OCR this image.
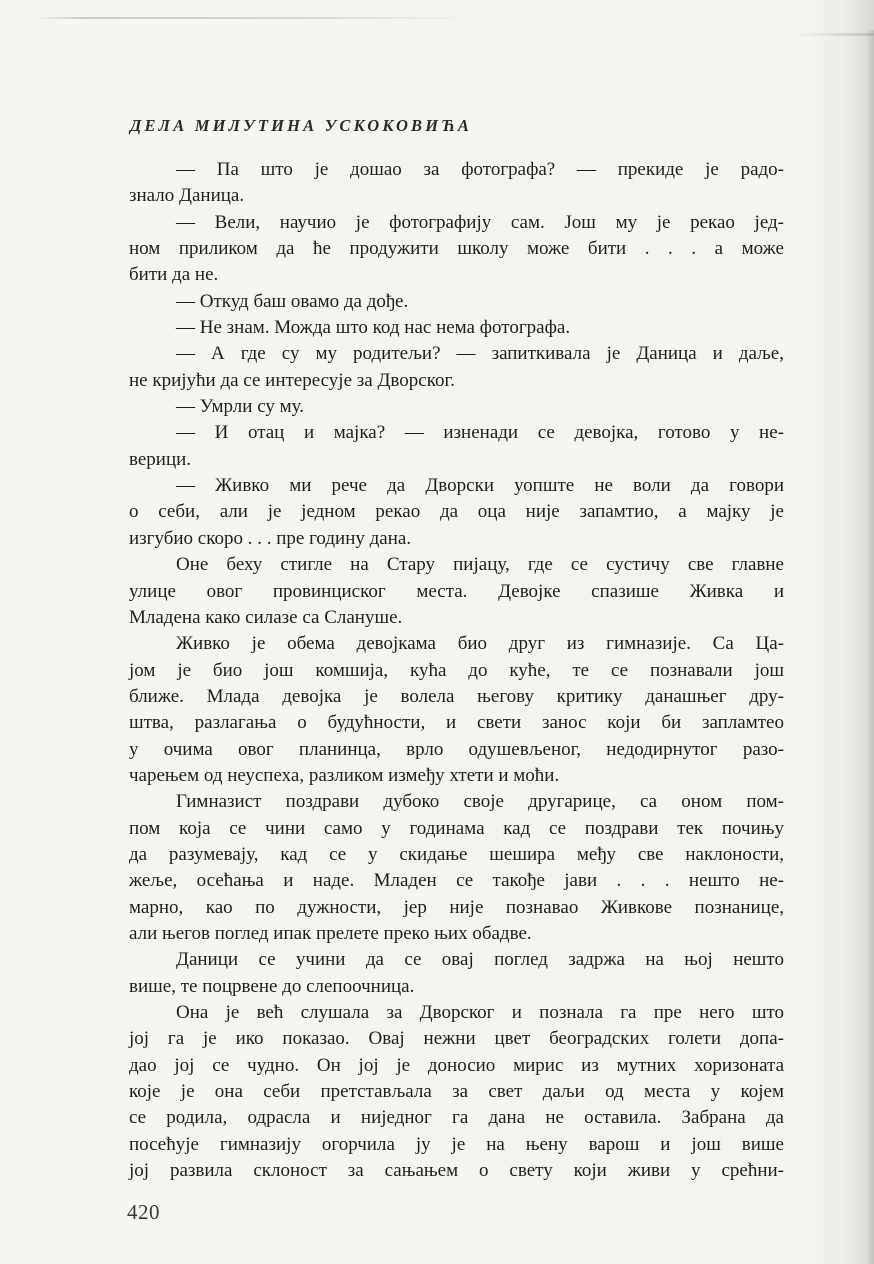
ДЕЛА МИЛУТИНА УСКОКОВИЋА
— Па што је дошао за фотографа? — прекиде је радо-
знало Даница.
— Вели, научио је фотографију сам. Још му је рекао јед-
ном приликом да ће продужити школу може бити . . . а може
бити да не.
— Откуд баш овамо да дође.
— Не знам. Можда што код нас нема фотографа.
— А где су му родитељи? — запиткивала је Даница и даље,
не кријући да се интересује за Дворског.
— Умрли су му.
— И отац и мајка? — изненади се девојка, готово у не-
верици.
— Живко ми рече да Дворски уопште не воли да говори
о себи, али је једном рекао да оца није запамтио, а мајку је
изгубио скоро . . . пре годину дана.
Оне беху стигле на Стару пијацу, где се сустичу све главне
улице овог провинциског места. Девојке спазише Живка и
Младена како силазе са Слануше.
Живко је обема девојкама био друг из гимназије. Са Ца-
јом је био још комшија, кућа до куће, те се познавали још
ближе. Млада девојка је волела његову критику данашњег дру-
штва, разлагања о будућности, и свети занос који би запламтео
у очима овог планинца, врло одушевљеног, недодирнутог разо-
чарењем од неуспеха, разликом између хтети и моћи.
Гимназист поздрави дубоко своје другарице, са оном пом-
пом која се чини само у годинама кад се поздрави тек почињу
да разумевају, кад се у скидање шешира међу све наклоности,
жеље, осећања и наде. Младен се такође јави . . . нешто не-
марно, као по дужности, јер није познавао Живкове познанице,
али његов поглед ипак прелете преко њих обадве.
Даници се учини да се овај поглед задржа на њој нешто
више, те поцрвене до слепоочница.
Она је већ слушала за Дворског и познала га пре него што
јој га је ико показао. Овај нежни цвет београдских голети допа-
дао јој се чудно. Он јој је доносио мирис из мутних хоризоната
које је она себи претстављала за свет даљи од места у којем
се родила, одрасла и ниједног га дана не оставила. Забрана да
посећује гимназију огорчила ју је на њену варош и још више
јој развила склоност за сањањем о свету који живи у срећни-
420
